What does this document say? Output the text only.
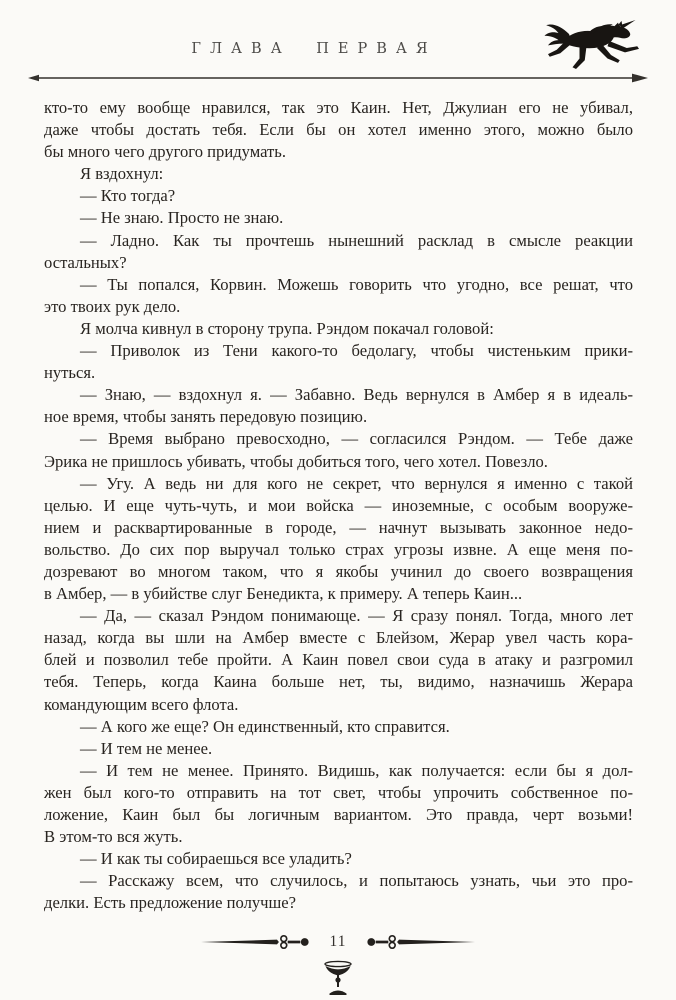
ГЛАВА ПЕРВАЯ
кто-то ему вообще нравился, так это Каин. Нет, Джулиан его не убивал,
даже чтобы достать тебя. Если бы он хотел именно этого, можно было
бы много чего другого придумать.
Я вздохнул:
— Кто тогда?
— Не знаю. Просто не знаю.
— Ладно. Как ты прочтешь нынешний расклад в смысле реакции
остальных?
— Ты попался, Корвин. Можешь говорить что угодно, все решат, что
это твоих рук дело.
Я молча кивнул в сторону трупа. Рэндом покачал головой:
— Приволок из Тени какого-то бедолагу, чтобы чистеньким прики-
нуться.
— Знаю, — вздохнул я. — Забавно. Ведь вернулся в Амбер я в идеаль-
ное время, чтобы занять передовую позицию.
— Время выбрано превосходно, — согласился Рэндом. — Тебе даже
Эрика не пришлось убивать, чтобы добиться того, чего хотел. Повезло.
— Угу. А ведь ни для кого не секрет, что вернулся я именно с такой
целью. И еще чуть-чуть, и мои войска — иноземные, с особым вооруже-
нием и расквартированные в городе, — начнут вызывать законное недо-
вольство. До сих пор выручал только страх угрозы извне. А еще меня по-
дозревают во многом таком, что я якобы учинил до своего возвращения
в Амбер, — в убийстве слуг Бенедикта, к примеру. А теперь Каин...
— Да, — сказал Рэндом понимающе. — Я сразу понял. Тогда, много лет
назад, когда вы шли на Амбер вместе с Блейзом, Жерар увел часть кора-
блей и позволил тебе пройти. А Каин повел свои суда в атаку и разгромил
тебя. Теперь, когда Каина больше нет, ты, видимо, назначишь Жерара
командующим всего флота.
— А кого же еще? Он единственный, кто справится.
— И тем не менее.
— И тем не менее. Принято. Видишь, как получается: если бы я дол-
жен был кого-то отправить на тот свет, чтобы упрочить собственное по-
ложение, Каин был бы логичным вариантом. Это правда, черт возьми!
В этом-то вся жуть.
— И как ты собираешься все уладить?
— Расскажу всем, что случилось, и попытаюсь узнать, чьи это про-
делки. Есть предложение получше?
11
